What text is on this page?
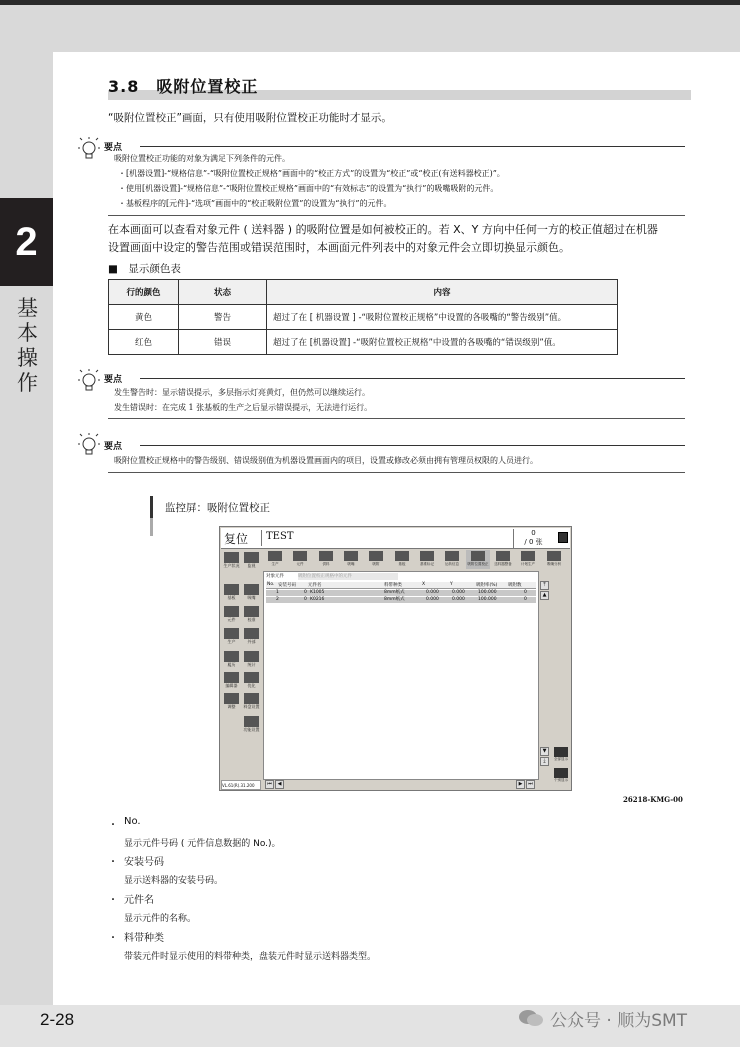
2
基本操作
3.8　吸附位置校正
“吸附位置校正”画面，只有使用吸附位置校正功能时才显示。
要点
吸附位置校正功能的对象为满足下列条件的元件。
・[机器设置]-“规格信息”-“吸附位置校正规格”画面中的“校正方式”的设置为“校正”或“校正(有送料器校正)”。
・使用[机器设置]-“规格信息”-“吸附位置校正规格”画面中的“有效标志”的设置为“执行”的吸嘴吸附的元件。
・基板程序的[元件]-“选项”画面中的“校正吸附位置”的设置为“执行”的元件。
在本画面可以查看对象元件 ( 送料器 ) 的吸附位置是如何被校正的。若 X、Y 方向中任何一方的校正值超过在机器
设置画面中设定的警告范围或错误范围时，本画面元件列表中的对象元件会立即切换显示颜色。
■　显示颜色表
行的颜色	状态	内容
黄色	警告	超过了在 [ 机器设置 ] -“吸附位置校正规格”中设置的各吸嘴的“警告级别”值。
红色	错误	超过了在 [机器设置] -“吸附位置校正规格”中设置的各吸嘴的“错误级别”值。
要点
发生警告时：显示错误提示，多层指示灯亮黄灯，但仍然可以继续运行。
发生错误时：在完成 1 张基板的生产之后显示错误提示，无法进行运行。
要点
吸附位置校正规格中的警告级别、错误级别值为机器设置画面内的项目，设置或修改必须由拥有管理员权限的人员进行。
监控屏：吸附位置校正
复位	TEST	0
/ 0 张
生产状况	监视
基板	吸嘴
元件	校准
生产	外部
履历	统计
编辑器	优化
调整	料盘设置
功能设置
生产	元件	供料	吸嘴	吸附	基板	基准标记	运转信息	吸附位置校正	送料器整备	计划生产	吸嘴分析
对象元件	吸附位置校正规格中的元件
No. 安装号码	元件名	料带种类	X	Y	吸附率(%) 吸附数
1	0 K1005	8mm纸式	0.000	0.000	100.000	0
2	0 K0216	8mm纸式	0.000	0.000	100.000	0
⤒
▲
▼
⤓
VL.61(R).31.200	⏮	◀	▶	⏭
全部显示
个别显示
26218-KMG-00
・ No.
显示元件号码 ( 元件信息数据的 No.)。
・ 安装号码
显示送料器的安装号码。
・ 元件名
显示元件的名称。
・ 料带种类
带装元件时显示使用的料带种类，盘装元件时显示送料器类型。
2-28	公众号 · 顺为SMT
